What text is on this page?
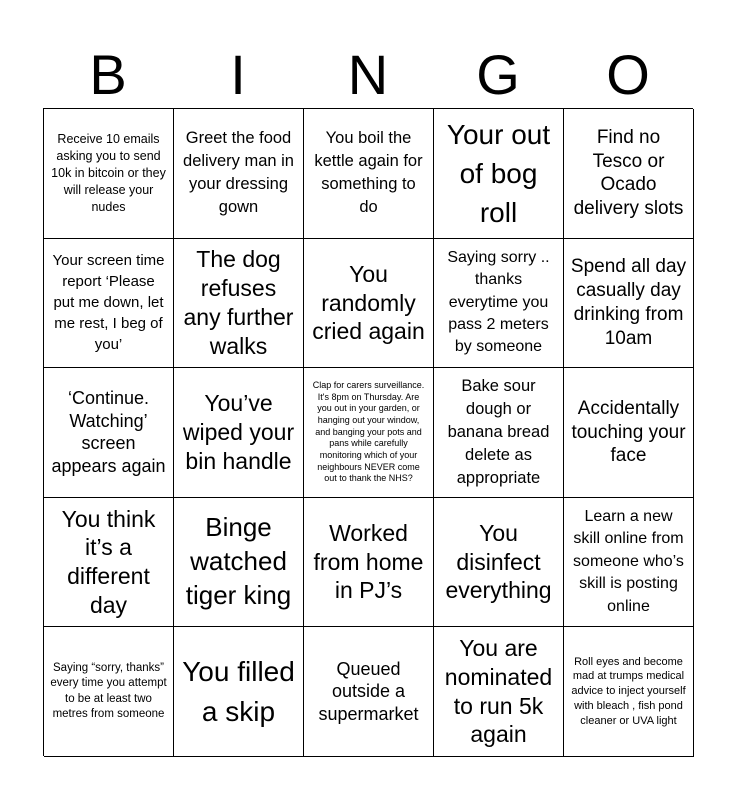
B	I	N	G	O
Receive 10 emails asking you to send 10k in bitcoin or they will release your nudes
Greet the food delivery man in your dressing gown
You boil the kettle again for something to do
Your out of bog roll
Find no Tesco or Ocado delivery slots
Your screen time report ‘Please put me down, let me rest, I beg of you’
The dog refuses any further walks
You randomly cried again
Saying sorry .. thanks everytime you pass 2 meters by someone
Spend all day casually day drinking from 10am
‘Continue. Watching’ screen appears again
You’ve wiped your bin handle
Clap for carers surveillance. It's 8pm on Thursday. Are you out in your garden, or hanging out your window, and banging your pots and pans while carefully monitoring which of your neighbours NEVER come out to thank the NHS?
Bake sour dough or banana bread delete as appropriate
Accidentally touching your face
You think it’s a different day
Binge watched tiger king
Worked from home in PJ’s
You disinfect everything
Learn a new skill online from someone who’s skill is posting online
Saying “sorry, thanks” every time you attempt to be at least two metres from someone
You filled a skip
Queued outside a supermarket
You are nominated to run 5k again
Roll eyes and become mad at trumps medical advice to inject yourself with bleach , fish pond cleaner or UVA light
